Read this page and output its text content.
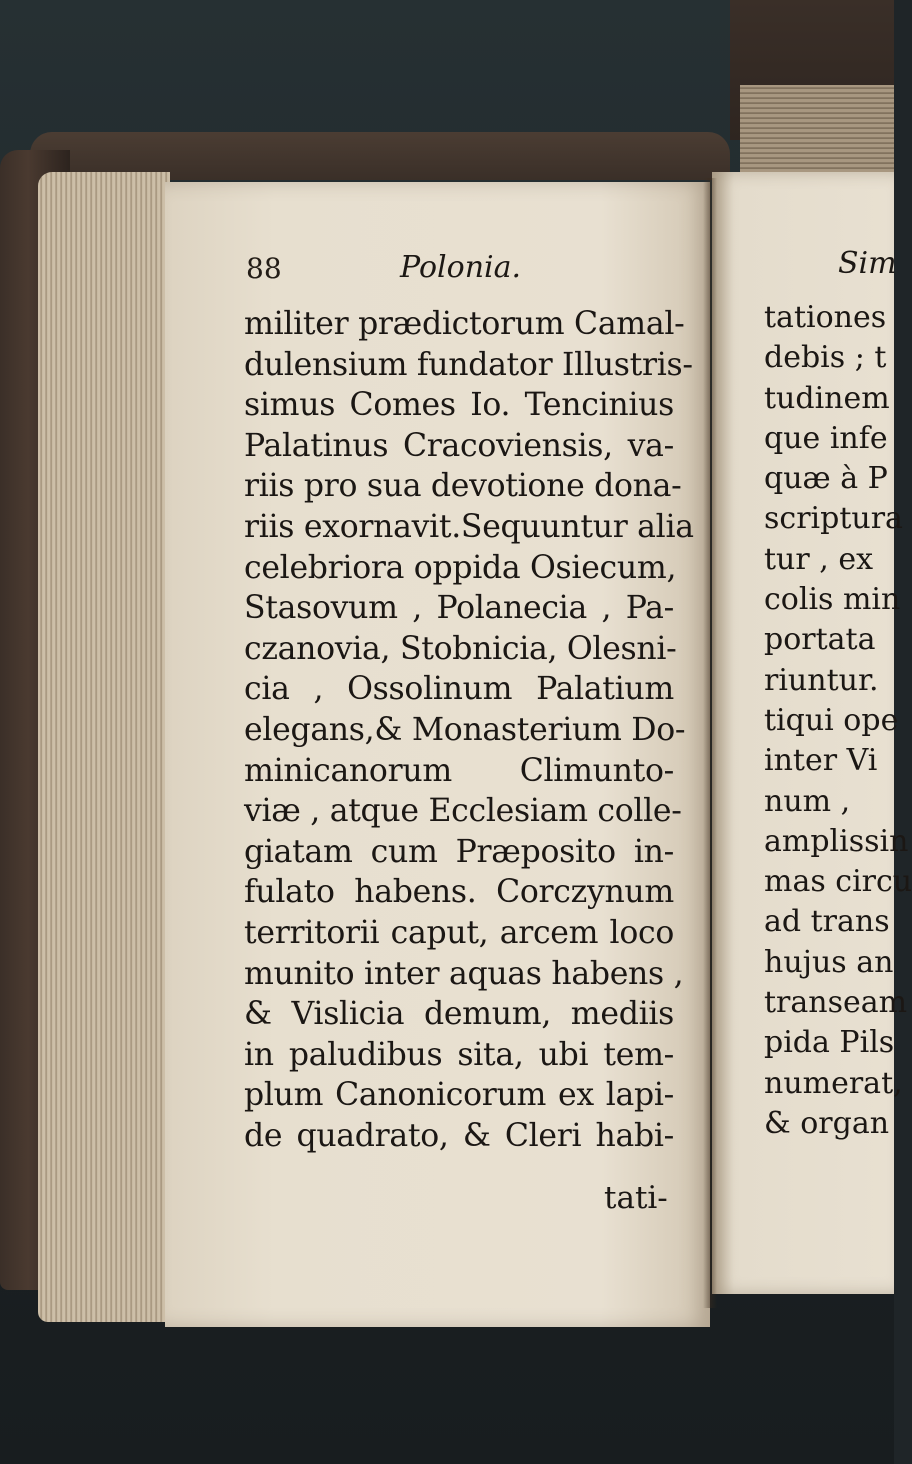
88	Polonia.
militer prædictorum Camal-
dulensium fundator Illustris-
simus Comes Io. Tencinius
Palatinus Cracoviensis, va-
riis pro sua devotione dona-
riis exornavit.Sequuntur alia
celebriora oppida Osiecum,
Stasovum , Polanecia , Pa-
czanovia, Stobnicia, Olesni-
cia , Ossolinum Palatium
elegans,& Monasterium Do-
minicanorum Climunto-
viæ , atque Ecclesiam colle-
giatam cum Præposito in-
fulato habens. Corczynum
territorii caput, arcem loco
munito inter aquas habens ,
& Vislicia demum, mediis
in paludibus sita, ubi tem-
plum Canonicorum ex lapi-
de quadrato, & Cleri habi-
tati-
Sim
tationes
debis ; t
tudinem
que infe
quæ à P
scriptura
tur , ex
colis min
portata
riuntur.
tiqui ope
inter Vi
num ,
amplissin
mas circu
ad trans
hujus an
transeam
pida Pils
numerat,
& organ
